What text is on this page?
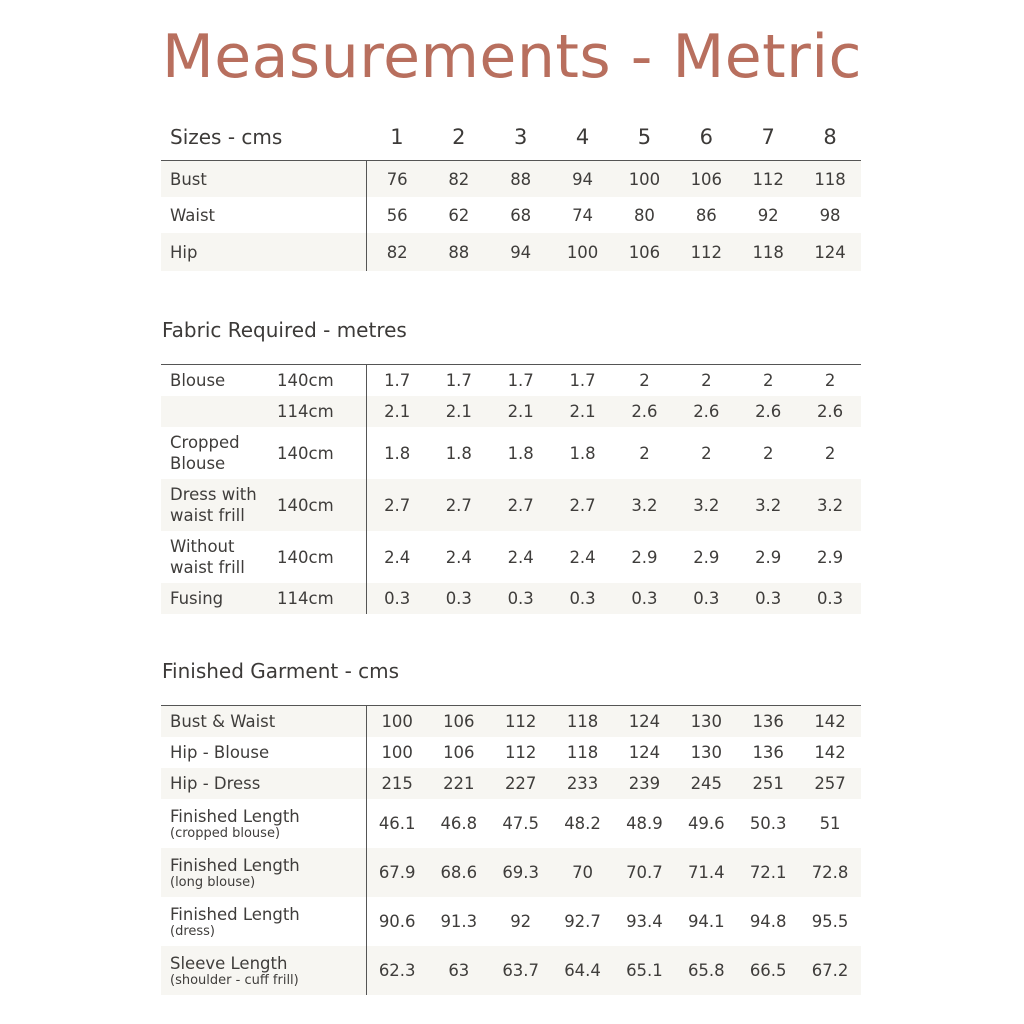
Measurements - Metric
Sizes - cms	1	2	3	4	5	6	7	8
Bust	76	82	88	94	100	106	112	118
Waist	56	62	68	74	80	86	92	98
Hip	82	88	94	100	106	112	118	124
Fabric Required - metres
Blouse	140cm	1.7	1.7	1.7	1.7	2	2	2	2
	114cm	2.1	2.1	2.1	2.1	2.6	2.6	2.6	2.6
Cropped
Blouse	140cm	1.8	1.8	1.8	1.8	2	2	2	2
Dress with
waist frill	140cm	2.7	2.7	2.7	2.7	3.2	3.2	3.2	3.2
Without
waist frill	140cm	2.4	2.4	2.4	2.4	2.9	2.9	2.9	2.9
Fusing	114cm	0.3	0.3	0.3	0.3	0.3	0.3	0.3	0.3
Finished Garment - cms
Bust & Waist	100	106	112	118	124	130	136	142
Hip - Blouse	100	106	112	118	124	130	136	142
Hip - Dress	215	221	227	233	239	245	251	257
Finished Length
(cropped blouse)	46.1	46.8	47.5	48.2	48.9	49.6	50.3	51
Finished Length
(long blouse)	67.9	68.6	69.3	70	70.7	71.4	72.1	72.8
Finished Length
(dress)	90.6	91.3	92	92.7	93.4	94.1	94.8	95.5
Sleeve Length
(shoulder - cuff frill)	62.3	63	63.7	64.4	65.1	65.8	66.5	67.2
